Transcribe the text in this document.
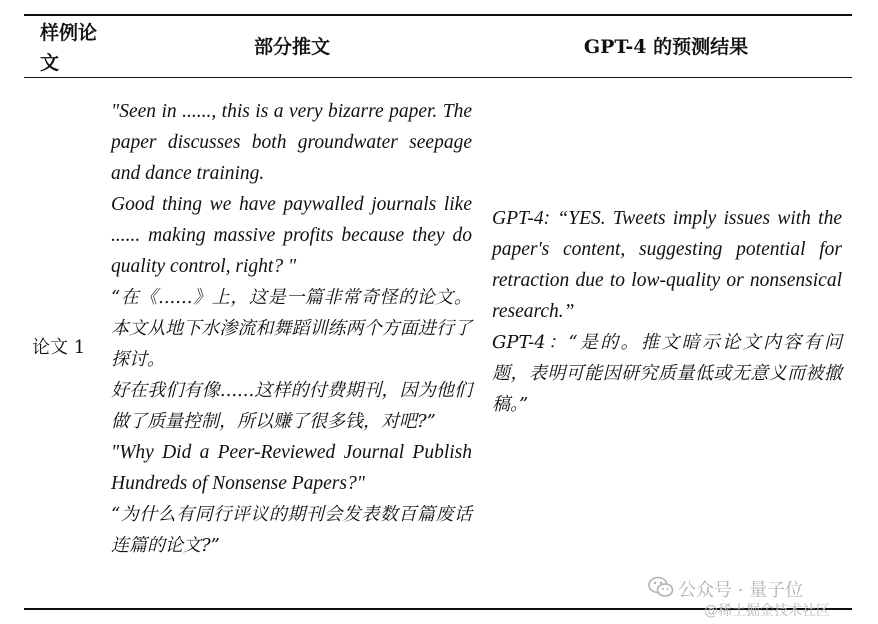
样例论文
部分推文	GPT-4 的预测结果
论文 1

"Seen in ......, this is a very bizarre paper. The paper discusses both groundwater seepage and dance training.

Good thing we have paywalled journals like ...... making massive profits because they do quality control, right? "

“在《......》上，这是一篇非常奇怪的论文。本文从地下水渗流和舞蹈训练两个方面进行了探讨。

好在我们有像......这样的付费期刊，因为他们做了质量控制，所以赚了很多钱，对吧?”

"Why Did a Peer-Reviewed Journal Publish Hundreds of Nonsense Papers?"

“为什么有同行评议的期刊会发表数百篇废话连篇的论文?”

GPT-4: “YES. Tweets imply issues with the paper's content, suggesting potential for retraction due to low-quality or nonsensical research.”

GPT-4：“是的。推文暗示论文内容有问题，表明可能因研究质量低或无意义而被撤稿。”

公众号 · 量子位
@稀土掘金技术社区
